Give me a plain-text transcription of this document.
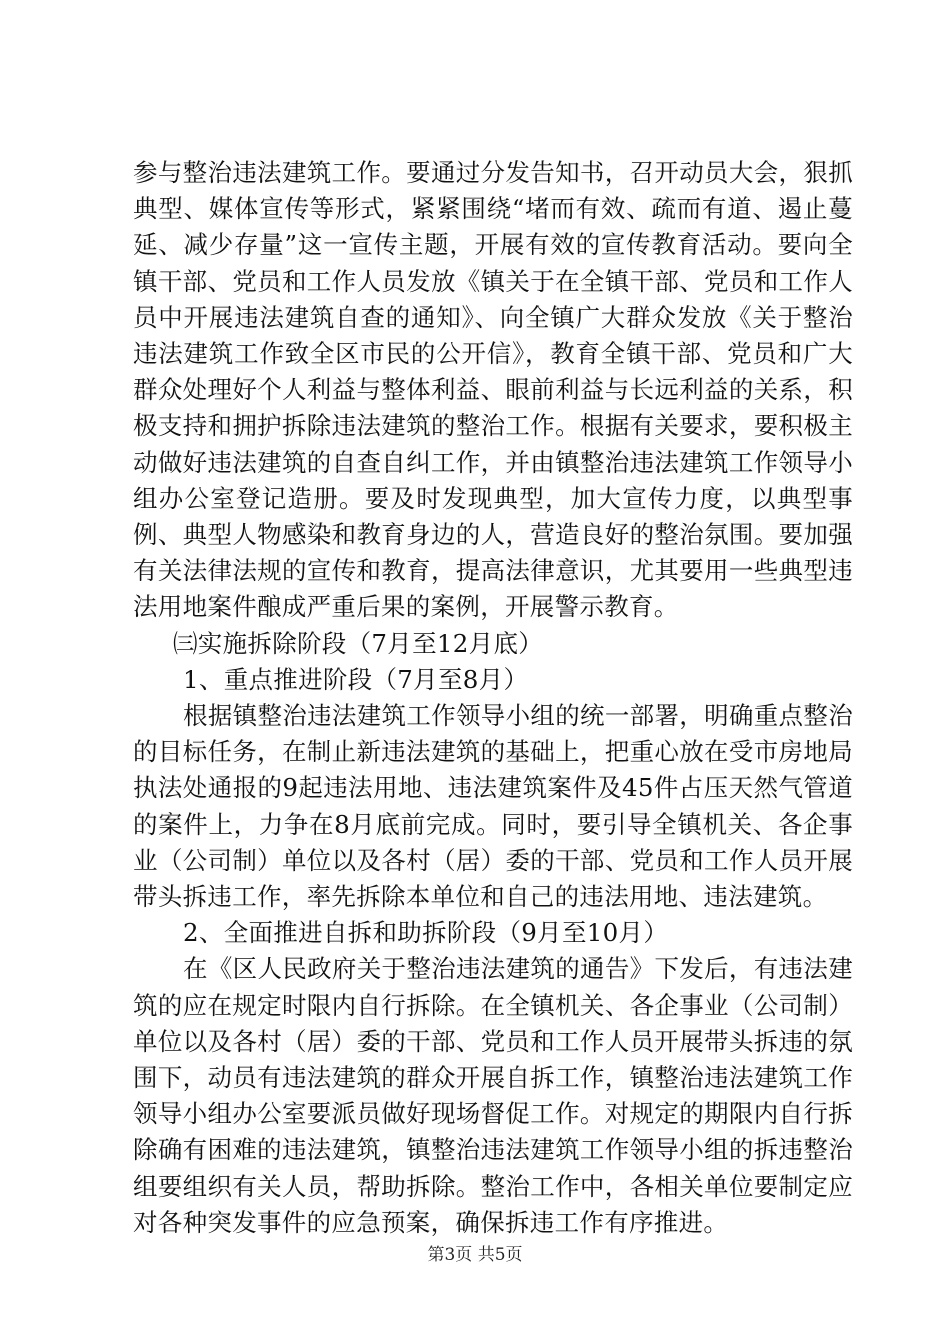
参与整治违法建筑工作。要通过分发告知书，召开动员大会，狠抓典型、媒体宣传等形式，紧紧围绕“堵而有效、疏而有道、遏止蔓延、减少存量”这一宣传主题，开展有效的宣传教育活动。要向全镇干部、党员和工作人员发放《镇关于在全镇干部、党员和工作人员中开展违法建筑自查的通知》、向全镇广大群众发放《关于整治违法建筑工作致全区市民的公开信》，教育全镇干部、党员和广大群众处理好个人利益与整体利益、眼前利益与长远利益的关系，积极支持和拥护拆除违法建筑的整治工作。根据有关要求，要积极主动做好违法建筑的自查自纠工作，并由镇整治违法建筑工作领导小组办公室登记造册。要及时发现典型，加大宣传力度，以典型事例、典型人物感染和教育身边的人，营造良好的整治氛围。要加强有关法律法规的宣传和教育，提高法律意识，尤其要用一些典型违法用地案件酿成严重后果的案例，开展警示教育。

㈢实施拆除阶段（7月至12月底）

1、重点推进阶段（7月至8月）

根据镇整治违法建筑工作领导小组的统一部署，明确重点整治的目标任务，在制止新违法建筑的基础上，把重心放在受市房地局执法处通报的9起违法用地、违法建筑案件及45件占压天然气管道的案件上，力争在8月底前完成。同时，要引导全镇机关、各企事业（公司制）单位以及各村（居）委的干部、党员和工作人员开展带头拆违工作，率先拆除本单位和自己的违法用地、违法建筑。

2、全面推进自拆和助拆阶段（9月至10月）

在《区人民政府关于整治违法建筑的通告》下发后，有违法建筑的应在规定时限内自行拆除。在全镇机关、各企事业（公司制）单位以及各村（居）委的干部、党员和工作人员开展带头拆违的氛围下，动员有违法建筑的群众开展自拆工作，镇整治违法建筑工作领导小组办公室要派员做好现场督促工作。对规定的期限内自行拆除确有困难的违法建筑，镇整治违法建筑工作领导小组的拆违整治组要组织有关人员，帮助拆除。整治工作中，各相关单位要制定应对各种突发事件的应急预案，确保拆违工作有序推进。

第3页 共5页
